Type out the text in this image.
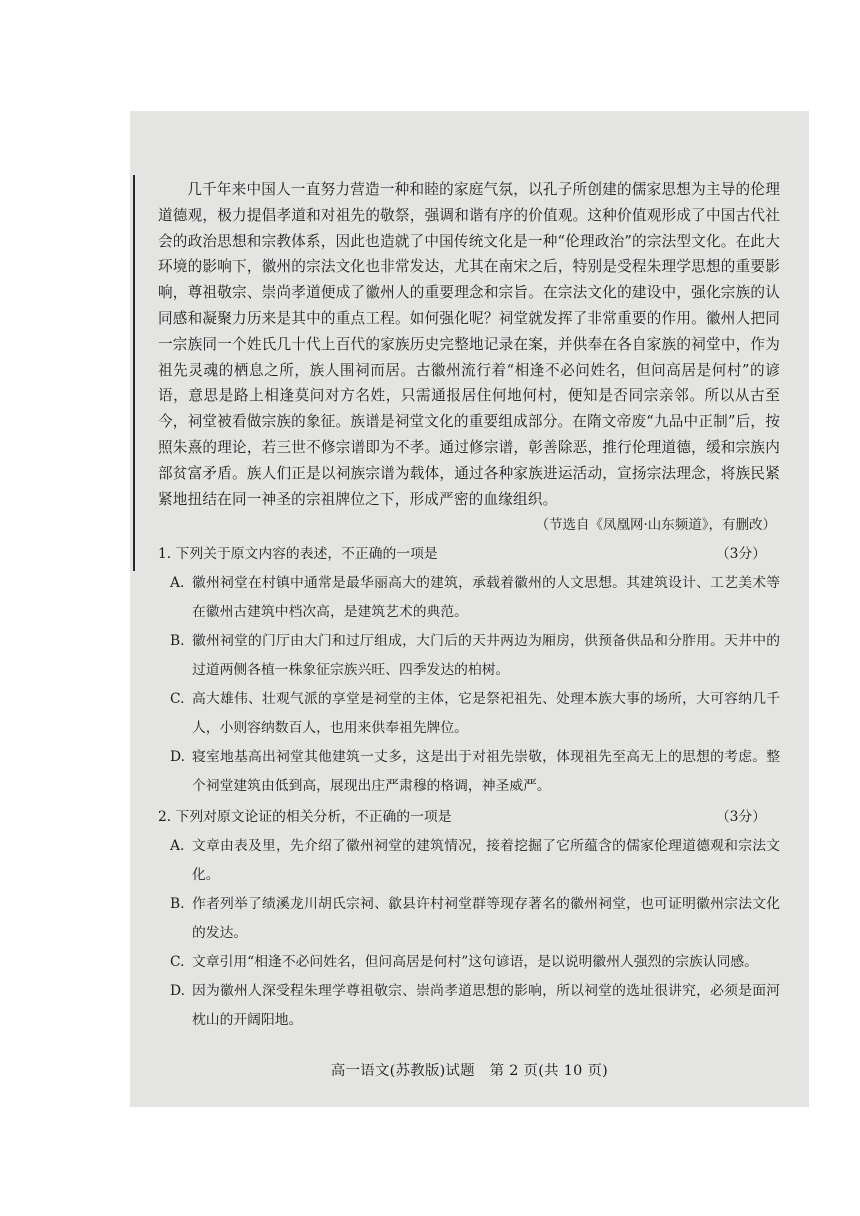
几千年来中国人一直努力营造一种和睦的家庭气氛，以孔子所创建的儒家思想为主导的伦理道德观，极力提倡孝道和对祖先的敬祭，强调和谐有序的价值观。这种价值观形成了中国古代社会的政治思想和宗教体系，因此也造就了中国传统文化是一种“伦理政治”的宗法型文化。在此大环境的影响下，徽州的宗法文化也非常发达，尤其在南宋之后，特别是受程朱理学思想的重要影响，尊祖敬宗、崇尚孝道便成了徽州人的重要理念和宗旨。在宗法文化的建设中，强化宗族的认同感和凝聚力历来是其中的重点工程。如何强化呢？祠堂就发挥了非常重要的作用。徽州人把同一宗族同一个姓氏几十代上百代的家族历史完整地记录在案，并供奉在各自家族的祠堂中，作为祖先灵魂的栖息之所，族人围祠而居。古徽州流行着“相逢不必问姓名，但问高居是何村”的谚语，意思是路上相逢莫问对方名姓，只需通报居住何地何村，便知是否同宗亲邻。所以从古至今，祠堂被看做宗族的象征。族谱是祠堂文化的重要组成部分。在隋文帝废“九品中正制”后，按照朱熹的理论，若三世不修宗谱即为不孝。通过修宗谱，彰善除恶，推行伦理道德，缓和宗族内部贫富矛盾。族人们正是以祠族宗谱为载体，通过各种家族进运活动，宣扬宗法理念，将族民紧紧地扭结在同一神圣的宗祖牌位之下，形成严密的血缘组织。

（节选自《凤凰网·山东频道》，有删改）

1. 下列关于原文内容的表述，不正确的一项是	（3分）
A. 徽州祠堂在村镇中通常是最华丽高大的建筑，承载着徽州的人文思想。其建筑设计、工艺美术等在徽州古建筑中档次高，是建筑艺术的典范。
B. 徽州祠堂的门厅由大门和过厅组成，大门后的天井两边为厢房，供预备供品和分胙用。天井中的过道两侧各植一株象征宗族兴旺、四季发达的柏树。
C. 高大雄伟、壮观气派的享堂是祠堂的主体，它是祭祀祖先、处理本族大事的场所，大可容纳几千人，小则容纳数百人，也用来供奉祖先牌位。
D. 寝室地基高出祠堂其他建筑一丈多，这是出于对祖先崇敬，体现祖先至高无上的思想的考虑。整个祠堂建筑由低到高，展现出庄严肃穆的格调，神圣威严。
2. 下列对原文论证的相关分析，不正确的一项是	（3分）
A. 文章由表及里，先介绍了徽州祠堂的建筑情况，接着挖掘了它所蕴含的儒家伦理道德观和宗法文化。
B. 作者列举了绩溪龙川胡氏宗祠、歙县许村祠堂群等现存著名的徽州祠堂，也可证明徽州宗法文化的发达。
C. 文章引用“相逢不必问姓名，但问高居是何村”这句谚语，是以说明徽州人强烈的宗族认同感。
D. 因为徽州人深受程朱理学尊祖敬宗、崇尚孝道思想的影响，所以祠堂的选址很讲究，必须是面河枕山的开阔阳地。
高一语文(苏教版)试题　第 2 页(共 10 页)
